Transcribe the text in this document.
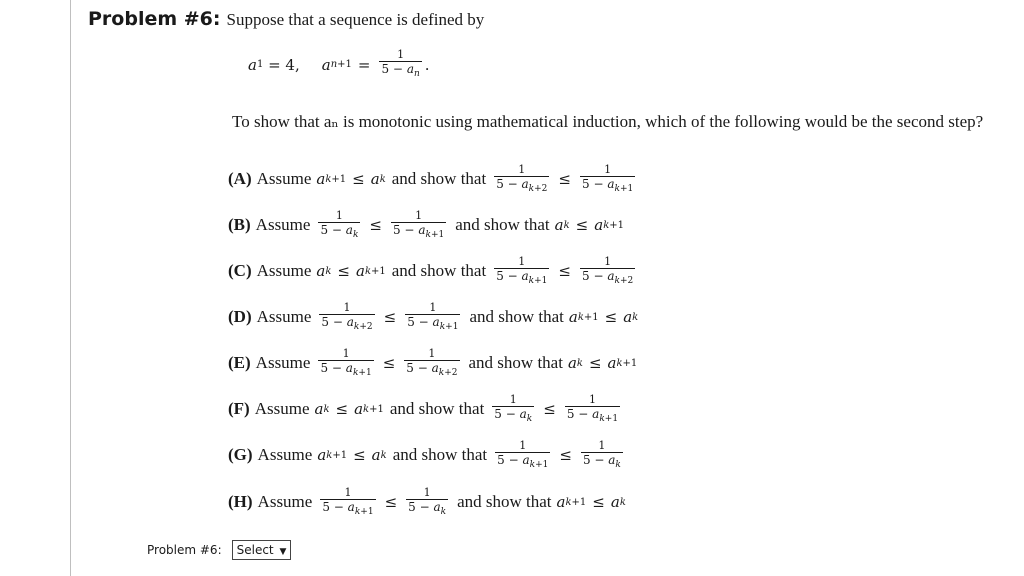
Problem #6: Suppose that a sequence is defined by
a 1 = 4, a $n +1 = \frac{1}{5 - a_n}$ .
To show that aₙ is monotonic using mathematical induction, which of the following would be the second step?
(A) Assume a k +1 ≤ a k and show that $\frac{1}{5 - a_{k+2}} \le \frac{1}{5 - a_{k+1}}$
(B) Assume $\frac{1}{5 - a_k} \le \frac{1}{5 - a_{k+1}}$ and show that a k ≤ a k +1
(C) Assume a k ≤ a k +1 and show that $\frac{1}{5 - a_{k+1}} \le \frac{1}{5 - a_{k+2}}$
(D) Assume $\frac{1}{5 - a_{k+2}} \le \frac{1}{5 - a_{k+1}}$ and show that a k +1 ≤ a k
(E) Assume $\frac{1}{5 - a_{k+1}} \le \frac{1}{5 - a_{k+2}}$ and show that a k ≤ a k +1
(F) Assume a k ≤ a k +1 and show that $\frac{1}{5 - a_k} \le \frac{1}{5 - a_{k+1}}$
(G) Assume a k +1 ≤ a k and show that $\frac{1}{5 - a_{k+1}} \le \frac{1}{5 - a_k}$
(H) Assume $\frac{1}{5 - a_{k+1}} \le \frac{1}{5 - a_k}$ and show that a k +1 ≤ a k
Problem #6:	Select ▼
